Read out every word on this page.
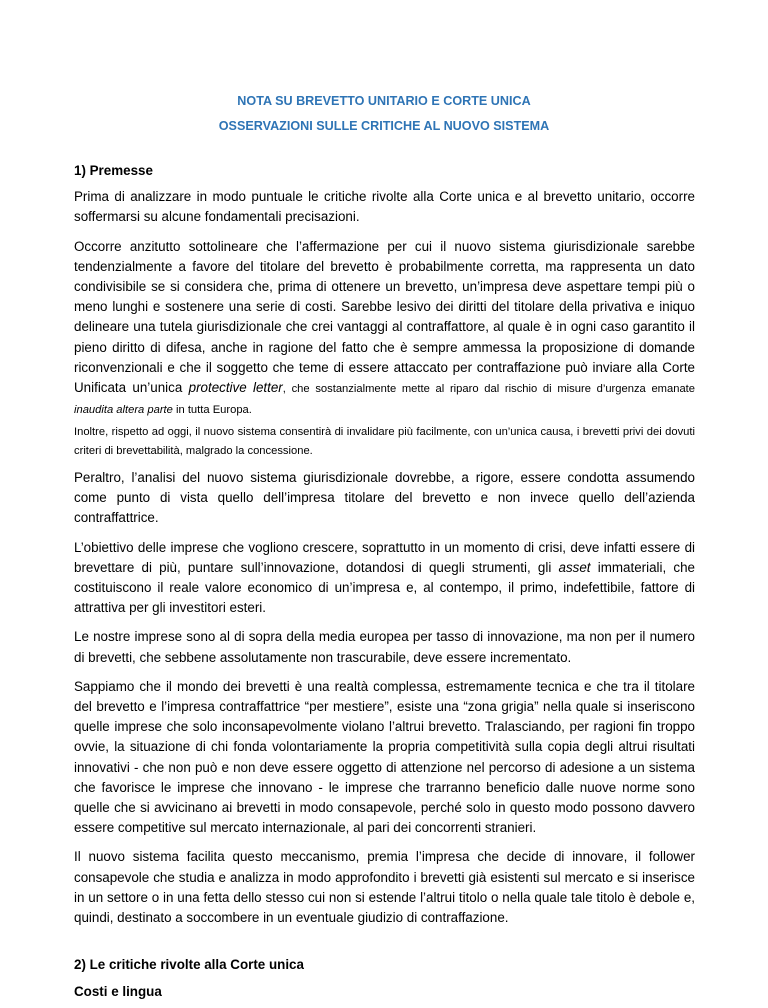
NOTA SU BREVETTO UNITARIO E CORTE UNICA
OSSERVAZIONI SULLE CRITICHE AL NUOVO SISTEMA
1) Premesse

Prima di analizzare in modo puntuale le critiche rivolte alla Corte unica e al brevetto unitario, occorre soffermarsi su alcune fondamentali precisazioni.

Occorre anzitutto sottolineare che l’affermazione per cui il nuovo sistema giurisdizionale sarebbe tendenzialmente a favore del titolare del brevetto è probabilmente corretta, ma rappresenta un dato condivisibile se si considera che, prima di ottenere un brevetto, un’impresa deve aspettare tempi più o meno lunghi e sostenere una serie di costi. Sarebbe lesivo dei diritti del titolare della privativa e iniquo delineare una tutela giurisdizionale che crei vantaggi al contraffattore, al quale è in ogni caso garantito il pieno diritto di difesa, anche in ragione del fatto che è sempre ammessa la proposizione di domande riconvenzionali e che il soggetto che teme di essere attaccato per contraffazione può inviare alla Corte Unificata un’unica protective letter, che sostanzialmente mette al riparo dal rischio di misure d’urgenza emanate inaudita altera parte in tutta Europa.

Inoltre, rispetto ad oggi, il nuovo sistema consentirà di invalidare più facilmente, con un’unica causa, i brevetti privi dei dovuti criteri di brevettabilità, malgrado la concessione.

Peraltro, l’analisi del nuovo sistema giurisdizionale dovrebbe, a rigore, essere condotta assumendo come punto di vista quello dell’impresa titolare del brevetto e non invece quello dell’azienda contraffattrice.

L’obiettivo delle imprese che vogliono crescere, soprattutto in un momento di crisi, deve infatti essere di brevettare di più, puntare sull’innovazione, dotandosi di quegli strumenti, gli asset immateriali, che costituiscono il reale valore economico di un’impresa e, al contempo, il primo, indefettibile, fattore di attrattiva per gli investitori esteri.

Le nostre imprese sono al di sopra della media europea per tasso di innovazione, ma non per il numero di brevetti, che sebbene assolutamente non trascurabile, deve essere incrementato.

Sappiamo che il mondo dei brevetti è una realtà complessa, estremamente tecnica e che tra il titolare del brevetto e l’impresa contraffattrice “per mestiere”, esiste una “zona grigia” nella quale si inseriscono quelle imprese che solo inconsapevolmente violano l’altrui brevetto. Tralasciando, per ragioni fin troppo ovvie, la situazione di chi fonda volontariamente la propria competitività sulla copia degli altrui risultati innovativi - che non può e non deve essere oggetto di attenzione nel percorso di adesione a un sistema che favorisce le imprese che innovano - le imprese che trarranno beneficio dalle nuove norme sono quelle che si avvicinano ai brevetti in modo consapevole, perché solo in questo modo possono davvero essere competitive sul mercato internazionale, al pari dei concorrenti stranieri.

Il nuovo sistema facilita questo meccanismo, premia l’impresa che decide di innovare, il follower consapevole che studia e analizza in modo approfondito i brevetti già esistenti sul mercato e si inserisce in un settore o in una fetta dello stesso cui non si estende l’altrui titolo o nella quale tale titolo è debole e, quindi, destinato a soccombere in un eventuale giudizio di contraffazione.

2) Le critiche rivolte alla Corte unica
Costi e lingua
